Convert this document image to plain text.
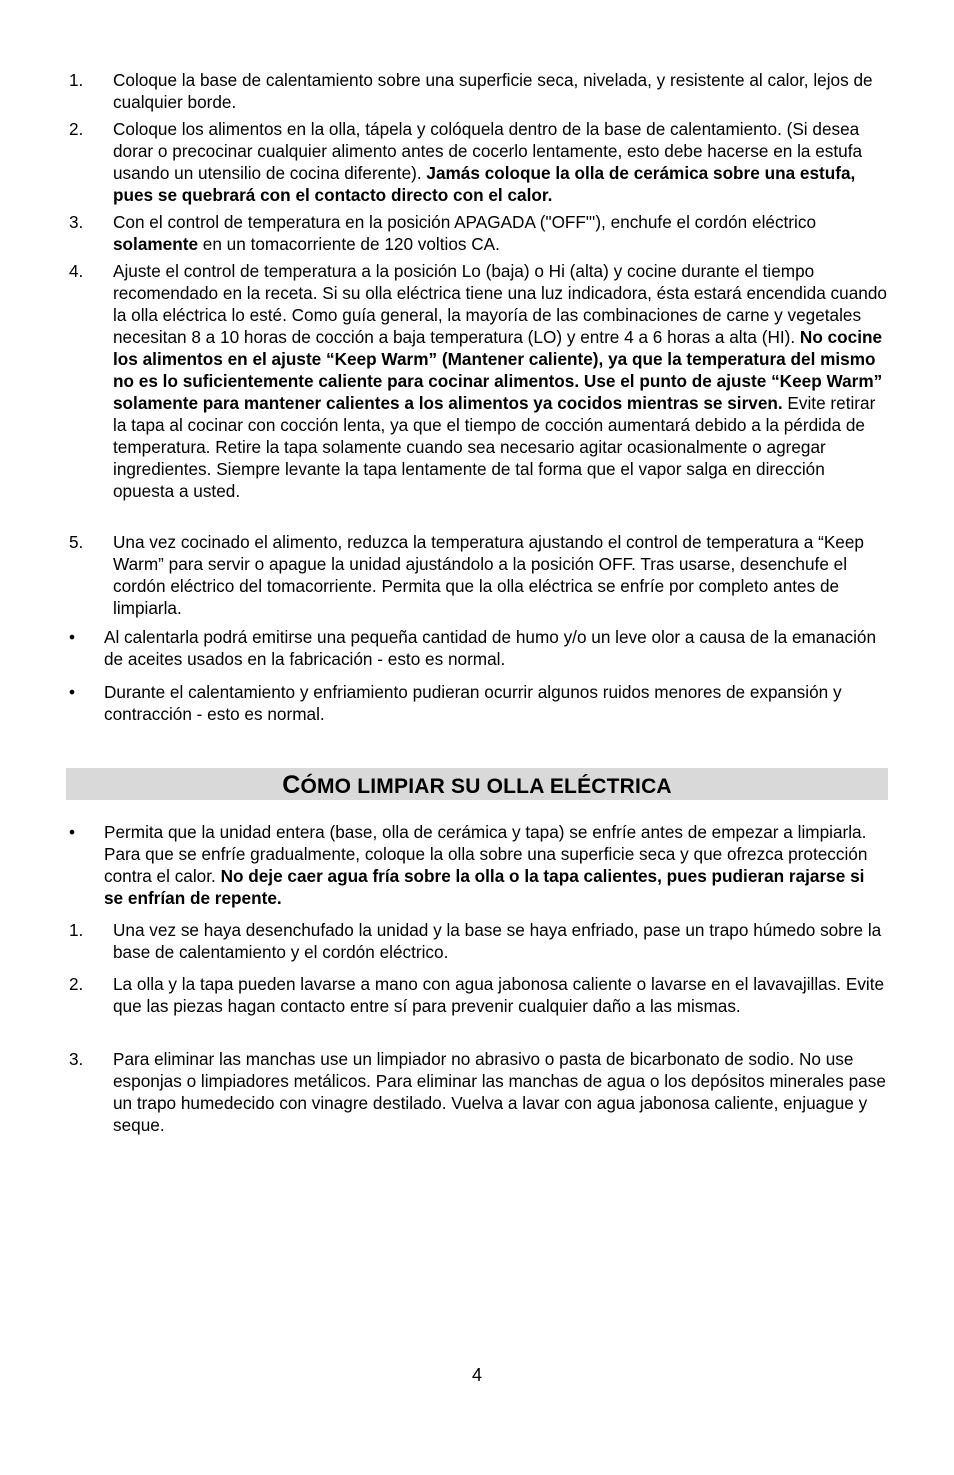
1. Coloque la base de calentamiento sobre una superficie seca, nivelada, y resistente al calor, lejos de cualquier borde.
2. Coloque los alimentos en la olla, tápela y colóquela dentro de la base de calentamiento. (Si desea dorar o precocinar cualquier alimento antes de cocerlo lentamente, esto debe hacerse en la estufa usando un utensilio de cocina diferente). Jamás coloque la olla de cerámica sobre una estufa, pues se quebrará con el contacto directo con el calor.
3. Con el control de temperatura en la posición APAGADA ("OFF"'), enchufe el cordón eléctrico solamente en un tomacorriente de 120 voltios CA.
4. Ajuste el control de temperatura a la posición Lo (baja) o Hi (alta) y cocine durante el tiempo recomendado en la receta. Si su olla eléctrica tiene una luz indicadora, ésta estará encendida cuando la olla eléctrica lo esté. Como guía general, la mayoría de las combinaciones de carne y vegetales necesitan 8 a 10 horas de cocción a baja temperatura (LO) y entre 4 a 6 horas a alta (HI). No cocine los alimentos en el ajuste “Keep Warm” (Mantener caliente), ya que la temperatura del mismo no es lo suficientemente caliente para cocinar alimentos. Use el punto de ajuste “Keep Warm” solamente para mantener calientes a los alimentos ya cocidos mientras se sirven. Evite retirar la tapa al cocinar con cocción lenta, ya que el tiempo de cocción aumentará debido a la pérdida de temperatura. Retire la tapa solamente cuando sea necesario agitar ocasionalmente o agregar ingredientes. Siempre levante la tapa lentamente de tal forma que el vapor salga en dirección opuesta a usted.
5. Una vez cocinado el alimento, reduzca la temperatura ajustando el control de temperatura a “Keep Warm” para servir o apague la unidad ajustándolo a la posición OFF. Tras usarse, desenchufe el cordón eléctrico del tomacorriente. Permita que la olla eléctrica se enfríe por completo antes de limpiarla.
• Al calentarla podrá emitirse una pequeña cantidad de humo y/o un leve olor a causa de la emanación de aceites usados en la fabricación - esto es normal.
• Durante el calentamiento y enfriamiento pudieran ocurrir algunos ruidos menores de expansión y contracción - esto es normal.
CÓMO LIMPIAR SU OLLA ELÉCTRICA
• Permita que la unidad entera (base, olla de cerámica y tapa) se enfríe antes de empezar a limpiarla. Para que se enfríe gradualmente, coloque la olla sobre una superficie seca y que ofrezca protección contra el calor. No deje caer agua fría sobre la olla o la tapa calientes, pues pudieran rajarse si se enfrían de repente.
1. Una vez se haya desenchufado la unidad y la base se haya enfriado, pase un trapo húmedo sobre la base de calentamiento y el cordón eléctrico.
2. La olla y la tapa pueden lavarse a mano con agua jabonosa caliente o lavarse en el lavavajillas. Evite que las piezas hagan contacto entre sí para prevenir cualquier daño a las mismas.
3. Para eliminar las manchas use un limpiador no abrasivo o pasta de bicarbonato de sodio. No use esponjas o limpiadores metálicos. Para eliminar las manchas de agua o los depósitos minerales pase un trapo humedecido con vinagre destilado. Vuelva a lavar con agua jabonosa caliente, enjuague y seque.
4
